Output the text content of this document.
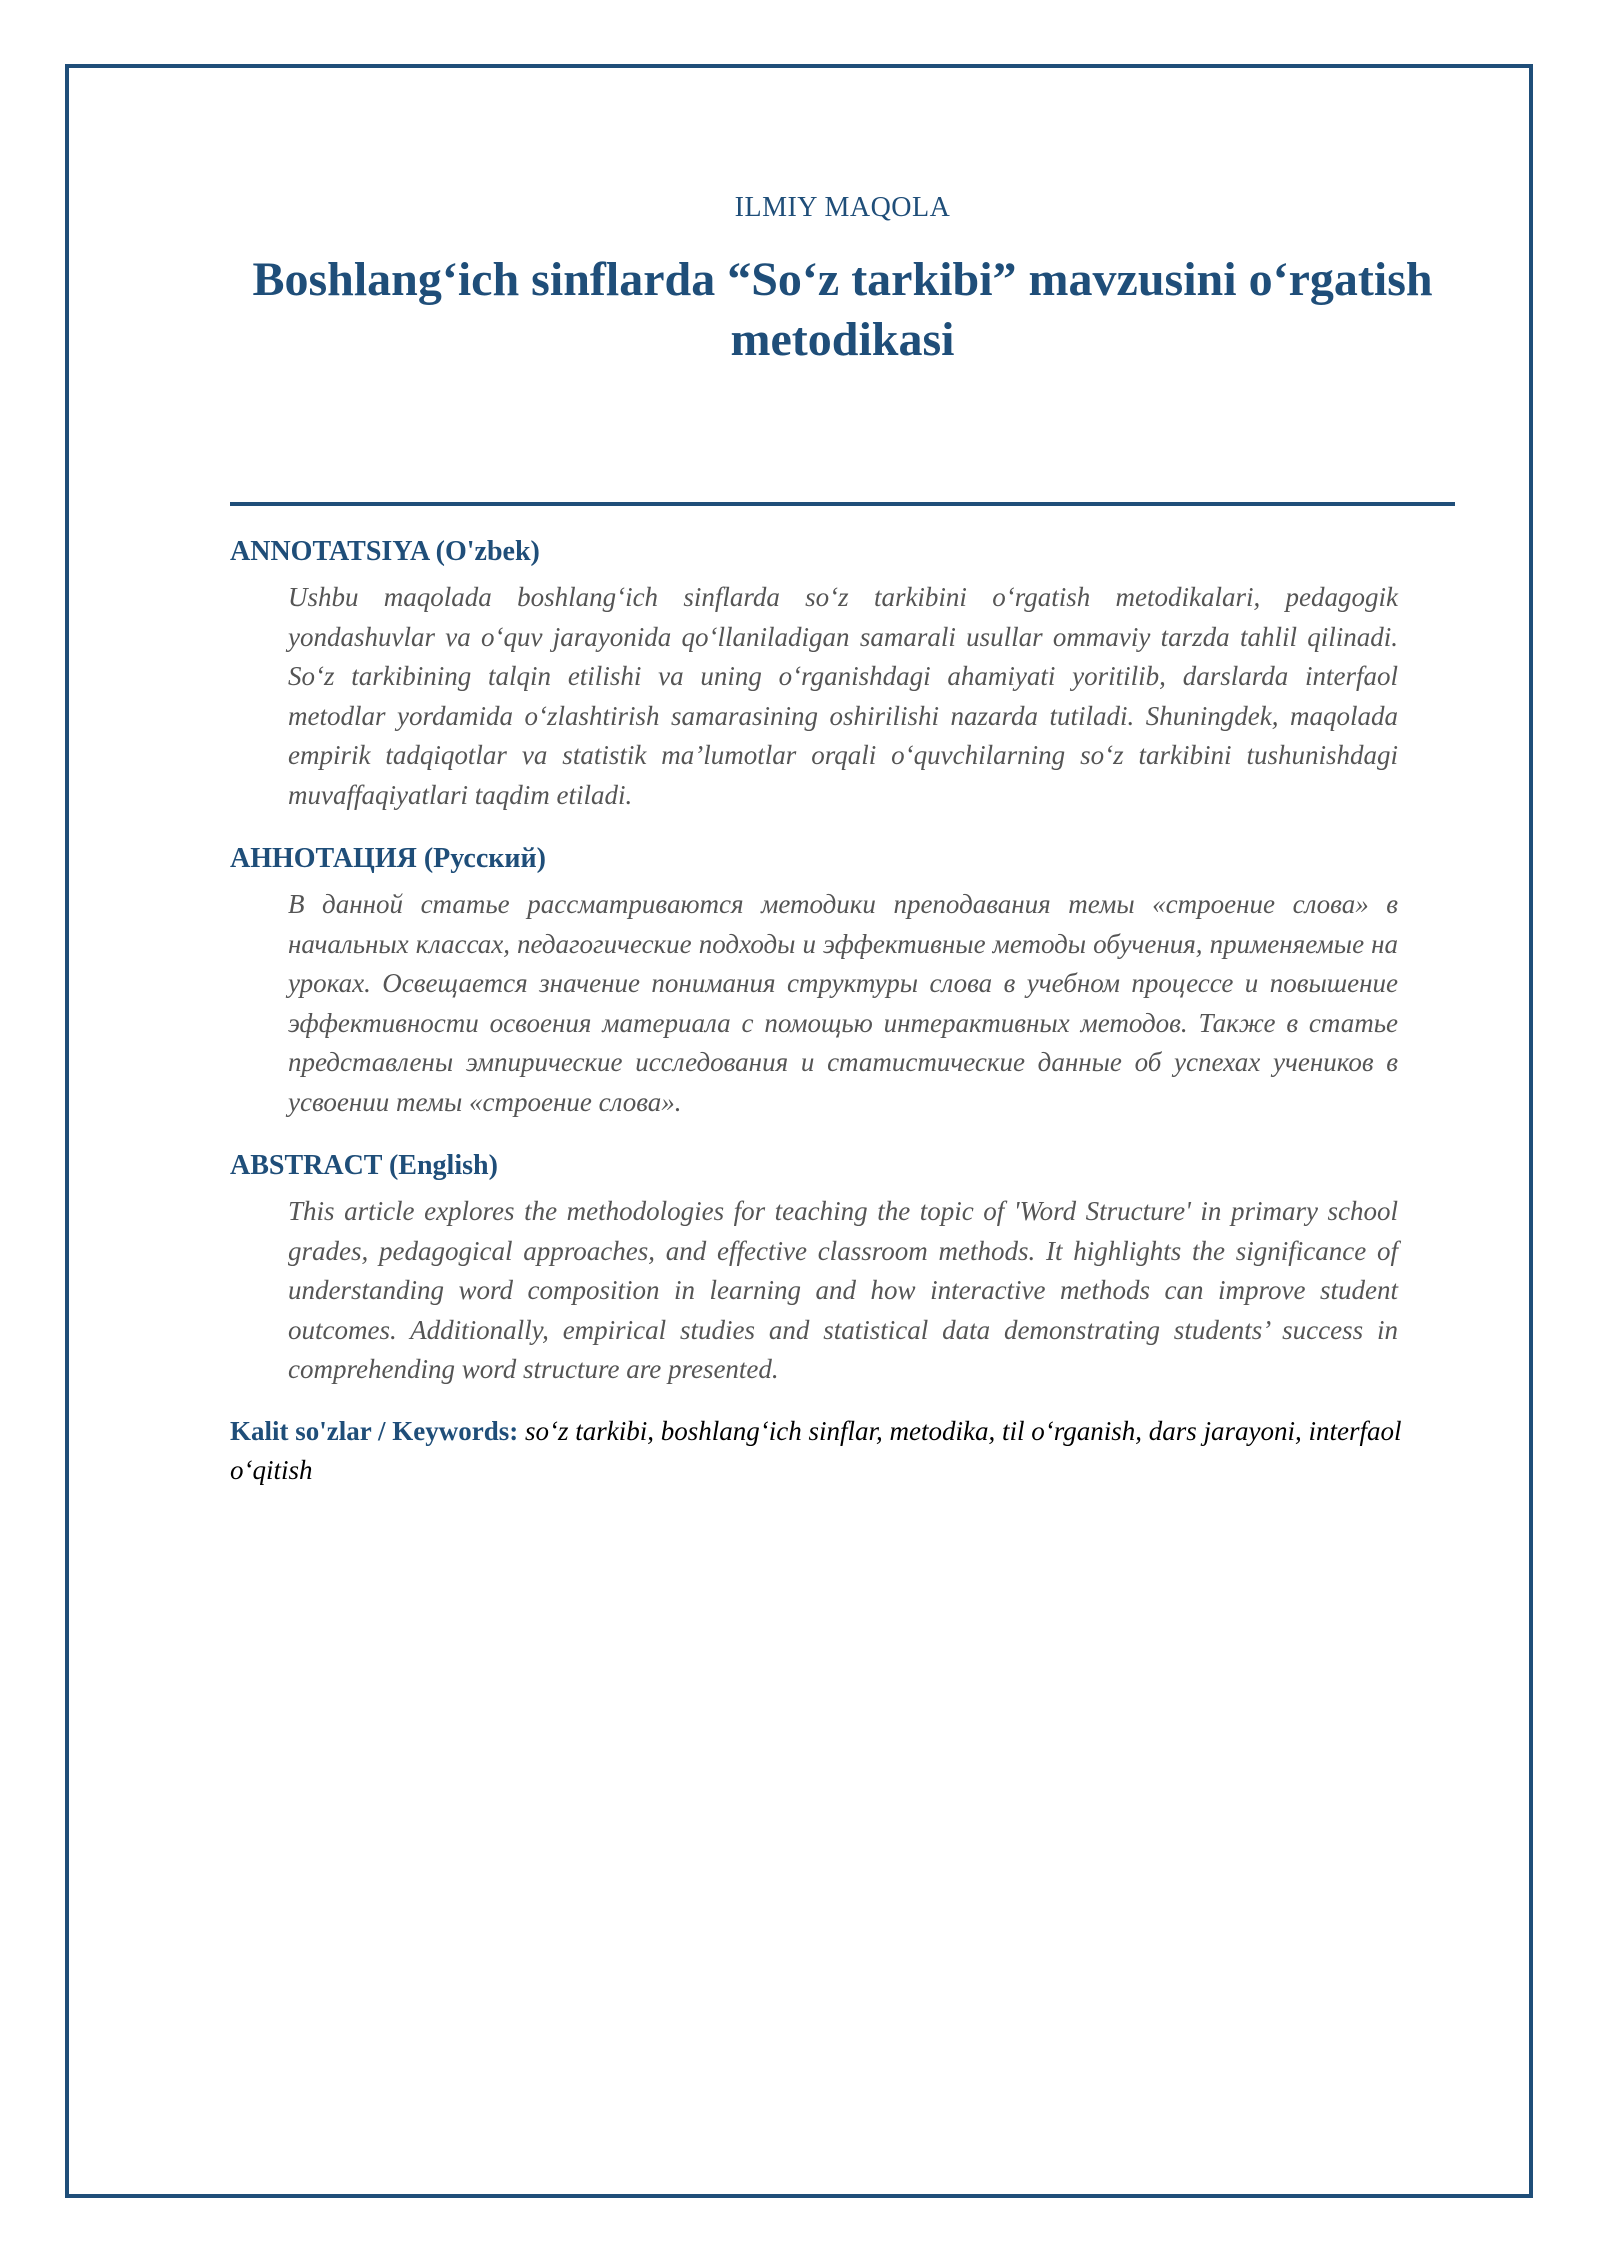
ILMIY MAQOLA

Boshlang‘ich sinflarda “So‘z tarkibi” mavzusini o‘rgatish metodikasi
ANNOTATSIYA (O'zbek)

Ushbu maqolada boshlang‘ich sinflarda so‘z tarkibini o‘rgatish metodikalari, pedagogik yondashuvlar va o‘quv jarayonida qo‘llaniladigan samarali usullar ommaviy tarzda tahlil qilinadi. So‘z tarkibining talqin etilishi va uning o‘rganishdagi ahamiyati yoritilib, darslarda interfaol metodlar yordamida o‘zlashtirish samarasining oshirilishi nazarda tutiladi. Shuningdek, maqolada empirik tadqiqotlar va statistik ma’lumotlar orqali o‘quvchilarning so‘z tarkibini tushunishdagi muvaffaqiyatlari taqdim etiladi.

АННОТАЦИЯ (Русский)

В данной статье рассматриваются методики преподавания темы «строение слова» в начальных классах, педагогические подходы и эффективные методы обучения, применяемые на уроках. Освещается значение понимания структуры слова в учебном процессе и повышение эффективности освоения материала с помощью интерактивных методов. Также в статье представлены эмпирические исследования и статистические данные об успехах учеников в усвоении темы «строение слова».

ABSTRACT (English)

This article explores the methodologies for teaching the topic of 'Word Structure' in primary school grades, pedagogical approaches, and effective classroom methods. It highlights the significance of understanding word composition in learning and how interactive methods can improve student outcomes. Additionally, empirical studies and statistical data demonstrating students’ success in comprehending word structure are presented.

Kalit so'zlar / Keywords: so‘z tarkibi, boshlang‘ich sinflar, metodika, til o‘rganish, dars jarayoni, interfaol o‘qitish
